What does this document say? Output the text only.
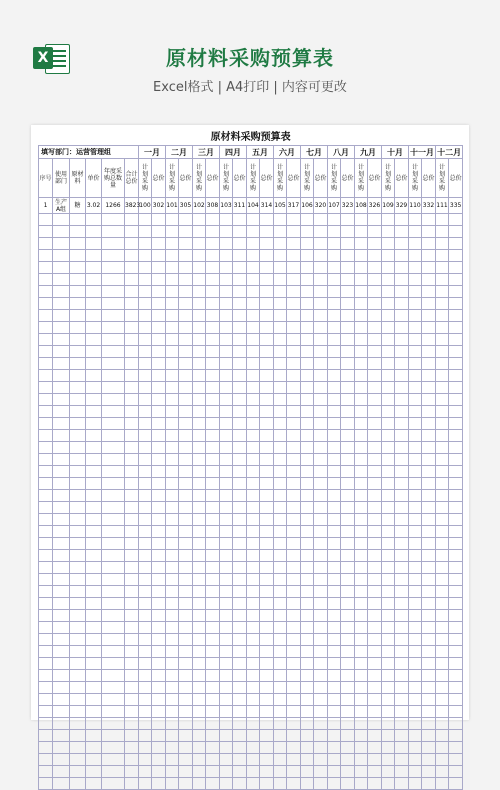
X	原材料采购预算表
Excel格式 | A4打印 | 内容可更改
原材料采购预算表																													
填写部门：运营管理组						一月		二月		三月		四月		五月		六月		七月		八月		九月		十月		十一月		十二月	
序号	使用部门	原材料	单价	年度采购总数量	合计总价	计划采购	总价	计划采购	总价	计划采购	总价	计划采购	总价	计划采购	总价	计划采购	总价	计划采购	总价	计划采购	总价	计划采购	总价	计划采购	总价	计划采购	总价	计划采购	总价
1	生产A组	糖	3.02	1266	3823	100	302	101	305	102	308	103	311	104	314	105	317	106	320	107	323	108	326	109	329	110	332	111	335
